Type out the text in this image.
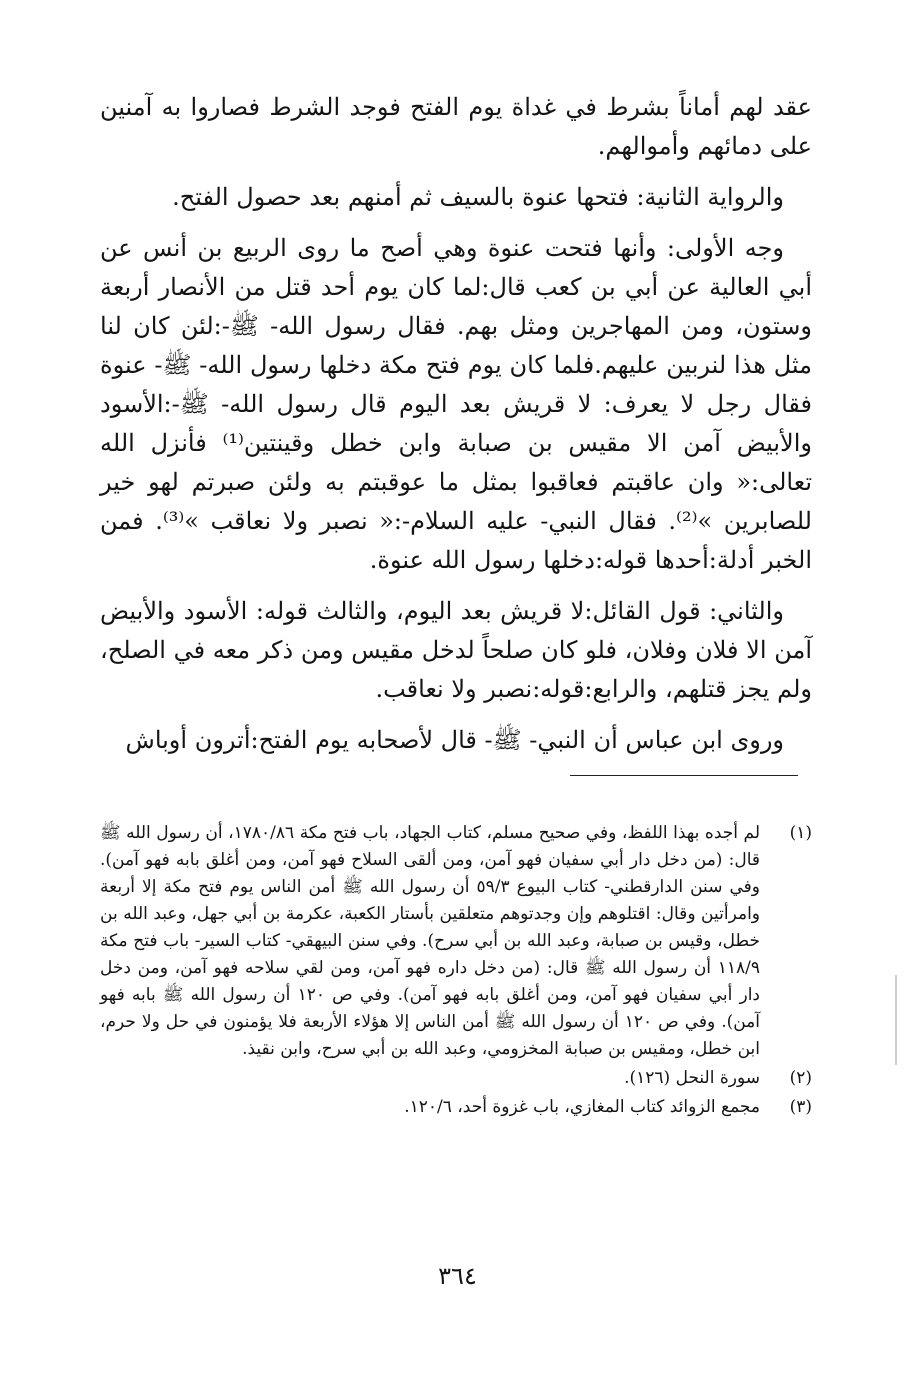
عقد لهم أماناً بشرط في غداة يوم الفتح فوجد الشرط فصاروا به آمنين على دمائهم وأموالهم.

والرواية الثانية: فتحها عنوة بالسيف ثم أمنهم بعد حصول الفتح.

وجه الأولى: وأنها فتحت عنوة وهي أصح ما روى الربيع بن أنس عن أبي العالية عن أبي بن كعب قال:لما كان يوم أحد قتل من الأنصار أربعة وستون، ومن المهاجرين ومثل بهم. فقال رسول الله- ﷺ-:لئن كان لنا مثل هذا لنربين عليهم.فلما كان يوم فتح مكة دخلها رسول الله- ﷺ- عنوة فقال رجل لا يعرف: لا قريش بعد اليوم قال رسول الله- ﷺ-:الأسود والأبيض آمن الا مقيس بن صبابة وابن خطل وقينتين⁽¹⁾ فأنزل الله تعالى:« وان عاقبتم فعاقبوا بمثل ما عوقبتم به ولئن صبرتم لهو خير للصابرين »⁽²⁾. فقال النبي- عليه السلام-:« نصبر ولا نعاقب »⁽³⁾. فمن الخبر أدلة:أحدها قوله:دخلها رسول الله عنوة.

والثاني: قول القائل:لا قريش بعد اليوم، والثالث قوله: الأسود والأبيض آمن الا فلان وفلان، فلو كان صلحاً لدخل مقيس ومن ذكر معه في الصلح، ولم يجز قتلهم، والرابع:قوله:نصبر ولا نعاقب.

وروى ابن عباس أن النبي- ﷺ- قال لأصحابه يوم الفتح:أترون أوباش

(١)
لم أجده بهذا اللفظ، وفي صحيح مسلم، كتاب الجهاد، باب فتح مكة ١٧٨٠/٨٦، أن رسول الله ﷺ قال: (من دخل دار أبي سفيان فهو آمن، ومن ألقى السلاح فهو آمن، ومن أغلق بابه فهو آمن). وفي سنن الدارقطني- كتاب البيوع ٥٩/٣ أن رسول الله ﷺ أمن الناس يوم فتح مكة إلا أربعة وامرأتين وقال: اقتلوهم وإن وجدتوهم متعلقين بأستار الكعبة، عكرمة بن أبي جهل، وعبد الله بن خطل، وقيس بن صبابة، وعبد الله بن أبي سرح). وفي سنن البيهقي- كتاب السير- باب فتح مكة ١١٨/٩ أن رسول الله ﷺ قال: (من دخل داره فهو آمن، ومن لقي سلاحه فهو آمن، ومن دخل دار أبي سفيان فهو آمن، ومن أغلق بابه فهو آمن). وفي ص ١٢٠ أن رسول الله ﷺ بابه فهو آمن). وفي ص ١٢٠ أن رسول الله ﷺ أمن الناس إلا هؤلاء الأربعة فلا يؤمنون في حل ولا حرم، ابن خطل، ومقيس بن صبابة المخزومي، وعبد الله بن أبي سرح، وابن نقيذ.
(٢)
سورة النحل (١٢٦).
(٣)
مجمع الزوائد كتاب المغازي، باب غزوة أحد، ١٢٠/٦.
٣٦٤
